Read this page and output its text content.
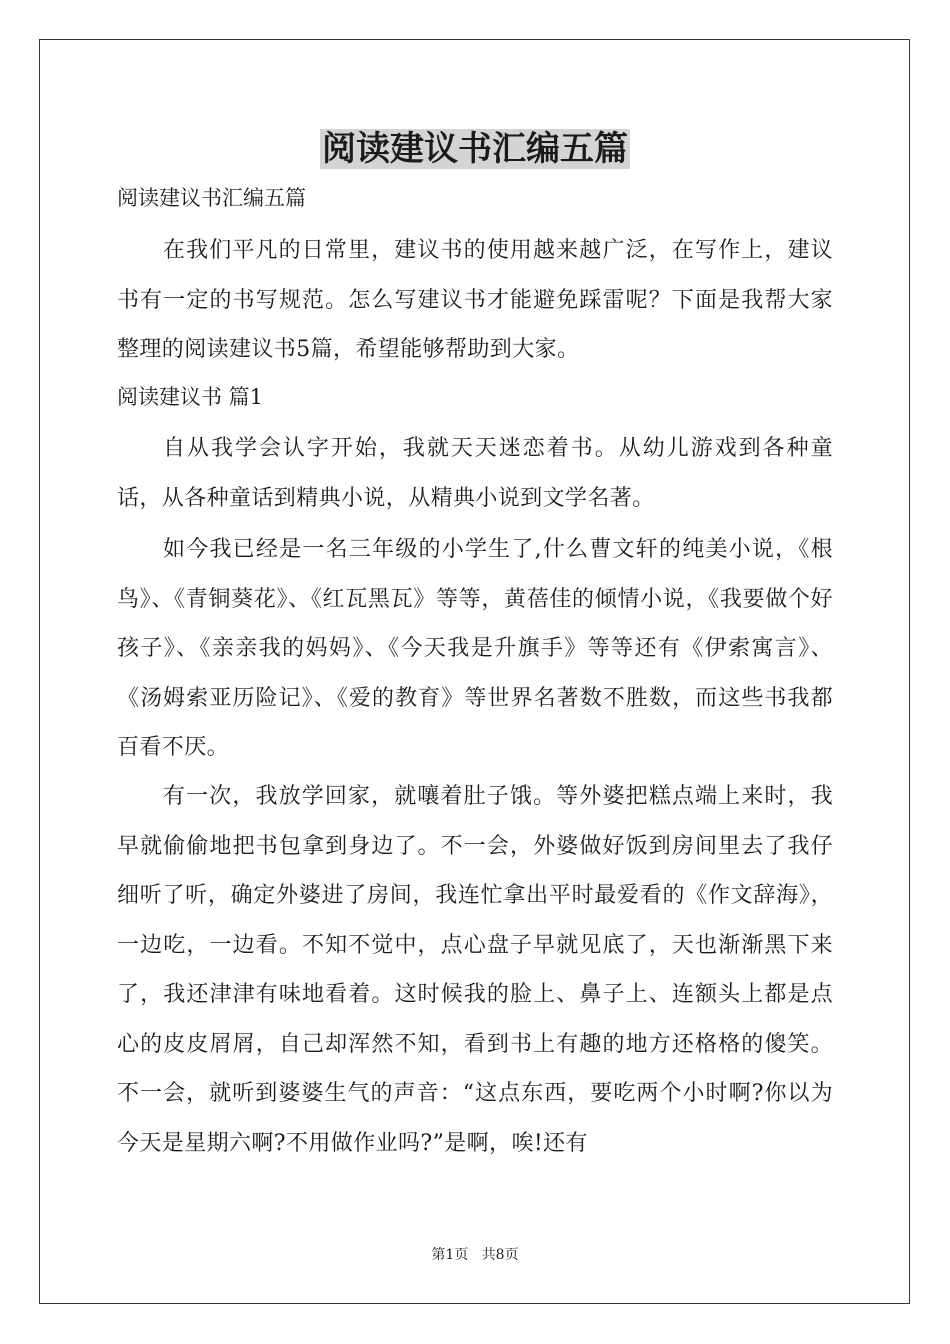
阅读建议书汇编五篇
阅读建议书汇编五篇
在我们平凡的日常里，建议书的使用越来越广泛，在写作上，建议书有一定的书写规范。怎么写建议书才能避免踩雷呢？下面是我帮大家整理的阅读建议书5篇，希望能够帮助到大家。
阅读建议书 篇1
自从我学会认字开始，我就天天迷恋着书。从幼儿游戏到各种童话，从各种童话到精典小说，从精典小说到文学名著。
如今我已经是一名三年级的小学生了,什么曹文轩的纯美小说，《根鸟》、《青铜葵花》、《红瓦黑瓦》等等，黄蓓佳的倾情小说，《我要做个好孩子》、《亲亲我的妈妈》、《今天我是升旗手》等等还有《伊索寓言》、《汤姆索亚历险记》、《爱的教育》等世界名著数不胜数，而这些书我都百看不厌。
有一次，我放学回家，就嚷着肚子饿。等外婆把糕点端上来时，我早就偷偷地把书包拿到身边了。不一会，外婆做好饭到房间里去了我仔细听了听，确定外婆进了房间，我连忙拿出平时最爱看的《作文辞海》，一边吃，一边看。不知不觉中，点心盘子早就见底了，天也渐渐黑下来了，我还津津有味地看着。这时候我的脸上、鼻子上、连额头上都是点心的皮皮屑屑，自己却浑然不知，看到书上有趣的地方还格格的傻笑。不一会，就听到婆婆生气的声音：“这点东西，要吃两个小时啊?你以为今天是星期六啊?不用做作业吗?”是啊，唉!还有
第1页   共8页
